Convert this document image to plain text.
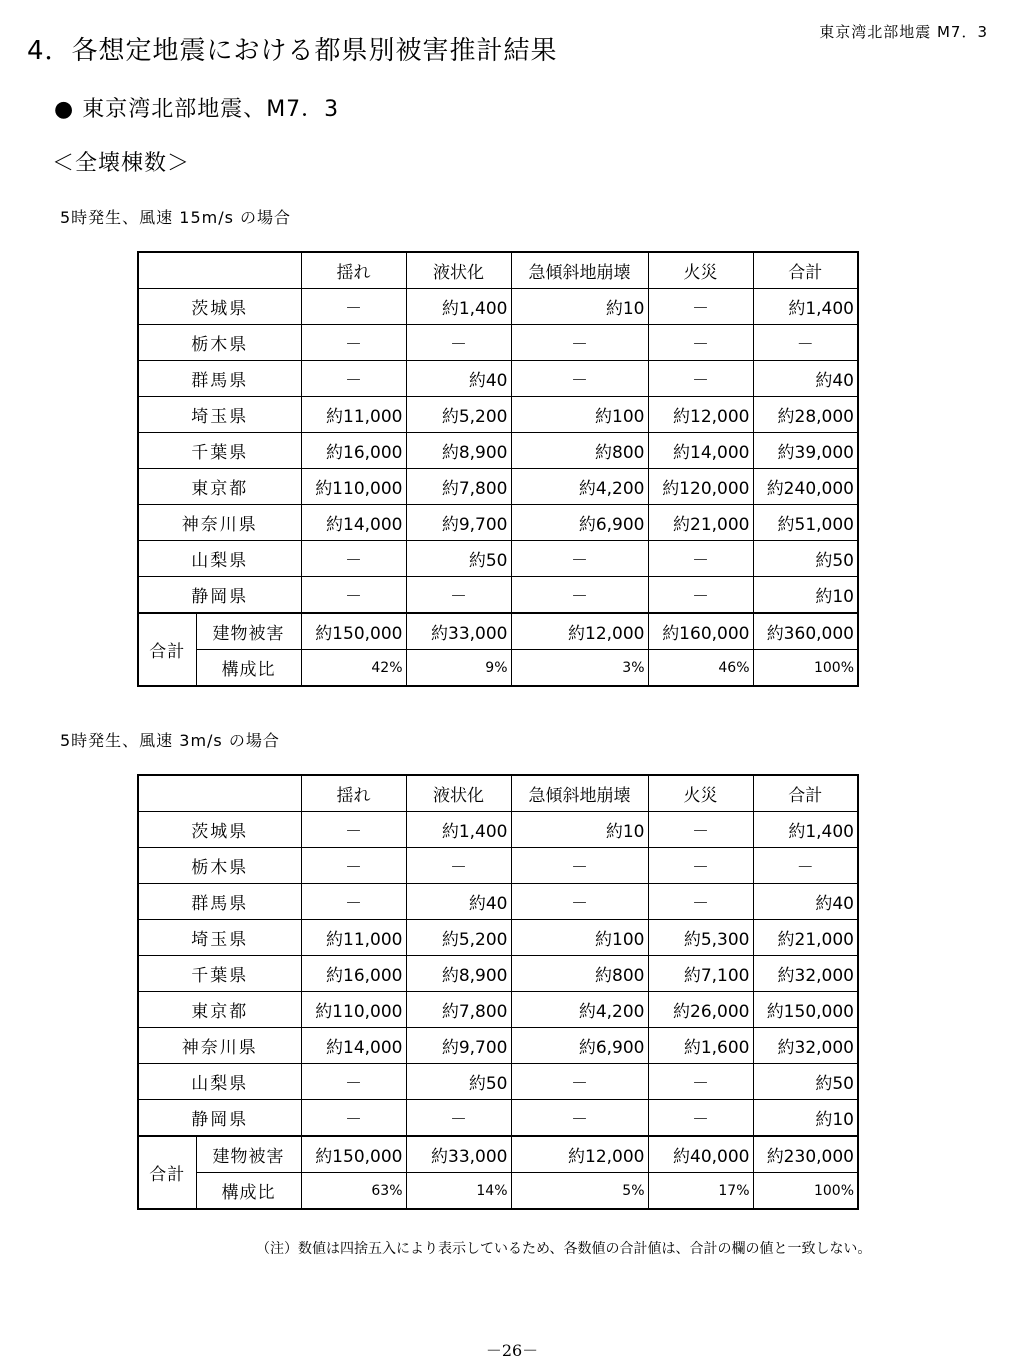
東京湾北部地震 M7．3
4．各想定地震における都県別被害推計結果
● 東京湾北部地震、M7．3
＜全壊棟数＞
5時発生、風速 15m/s の場合
		揺れ	液状化	急傾斜地崩壊	火災	合計
茨城県		－	約1,400	約10	－	約1,400
栃木県		－	－	－	－	－
群馬県		－	約40	－	－	約40
埼玉県		約11,000	約5,200	約100	約12,000	約28,000
千葉県		約16,000	約8,900	約800	約14,000	約39,000
東京都		約110,000	約7,800	約4,200	約120,000	約240,000
神奈川県		約14,000	約9,700	約6,900	約21,000	約51,000
山梨県		－	約50	－	－	約50
静岡県		－	－	－	－	約10
合計	建物被害	約150,000	約33,000	約12,000	約160,000	約360,000
	構成比	42%	9%	3%	46%	100%
5時発生、風速 3m/s の場合
		揺れ	液状化	急傾斜地崩壊	火災	合計
茨城県		－	約1,400	約10	－	約1,400
栃木県		－	－	－	－	－
群馬県		－	約40	－	－	約40
埼玉県		約11,000	約5,200	約100	約5,300	約21,000
千葉県		約16,000	約8,900	約800	約7,100	約32,000
東京都		約110,000	約7,800	約4,200	約26,000	約150,000
神奈川県		約14,000	約9,700	約6,900	約1,600	約32,000
山梨県		－	約50	－	－	約50
静岡県		－	－	－	－	約10
合計	建物被害	約150,000	約33,000	約12,000	約40,000	約230,000
	構成比	63%	14%	5%	17%	100%
（注）数値は四捨五入により表示しているため、各数値の合計値は、合計の欄の値と一致しない。
－26－
